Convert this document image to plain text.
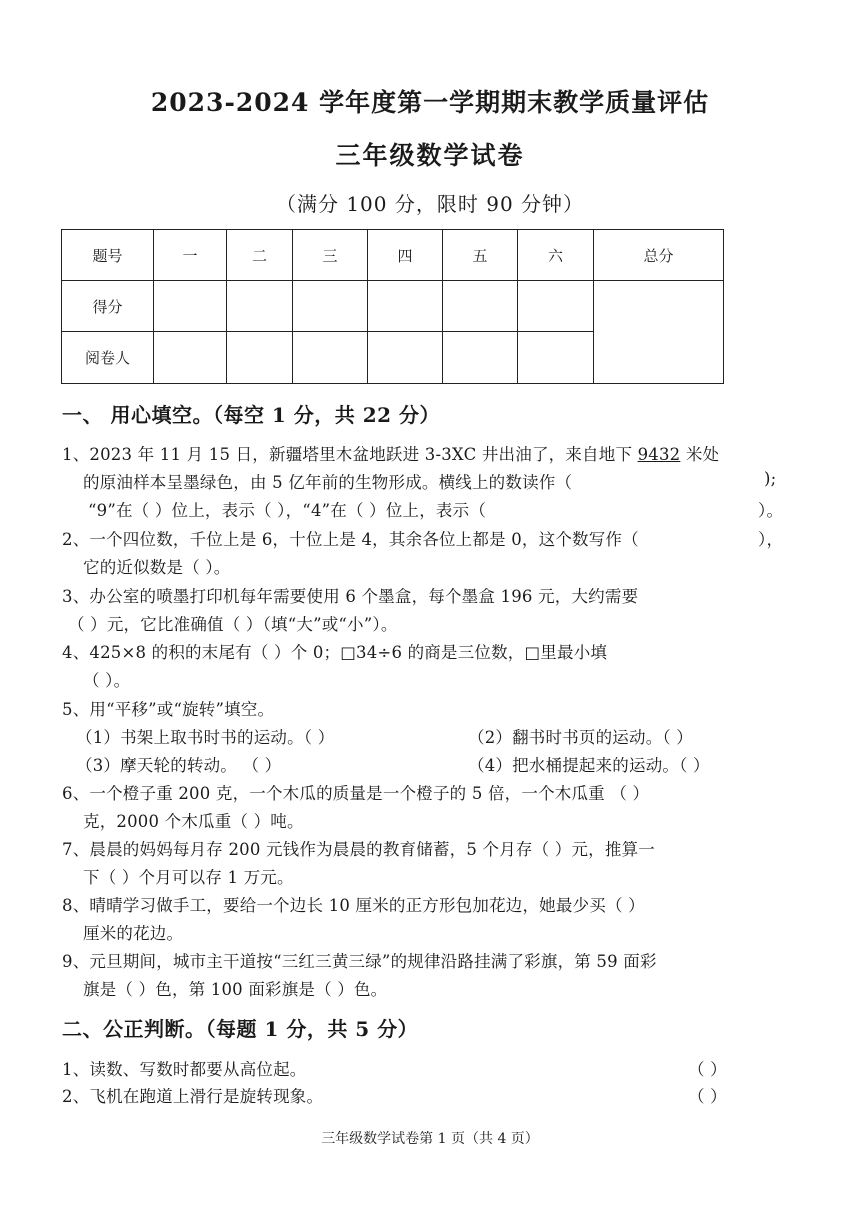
2023-2024 学年度第一学期期末教学质量评估
三年级数学试卷
（满分 100 分，限时 90 分钟）
题号	一	二	三	四	五	六	总分
得分							
阅卷人							
一、 用心填空。（每空 1 分，共 22 分）
1、2023 年 11 月 15 日，新疆塔里木盆地跃进 3-3XC 井出油了，来自地下 9432 米处
的原油样本呈墨绿色，由 5 亿年前的生物形成。横线上的数读作（	);
“9”在（ ）位上，表示（ ），“4”在（ ）位上，表示（	）。
2、一个四位数，千位上是 6，十位上是 4，其余各位上都是 0，这个数写作（	），
它的近似数是（ ）。
3、办公室的喷墨打印机每年需要使用 6 个墨盒，每个墨盒 196 元，大约需要
（ ）元，它比准确值（ ）（填“大”或“小”）。
4、425×8 的积的末尾有（ ）个 0；□34÷6 的商是三位数，□里最小填
（ ）。
5、用“平移”或“旋转”填空。
（1）书架上取书时书的运动。（ ）	（2）翻书时书页的运动。（ ）
（3）摩天轮的转动。 （ ）	（4）把水桶提起来的运动。（ ）
6、一个橙子重 200 克，一个木瓜的质量是一个橙子的 5 倍，一个木瓜重 （ ）
克，2000 个木瓜重（ ）吨。
7、晨晨的妈妈每月存 200 元钱作为晨晨的教育储蓄，5 个月存（ ）元，推算一
下（ ）个月可以存 1 万元。
8、晴晴学习做手工，要给一个边长 10 厘米的正方形包加花边，她最少买（ ）
厘米的花边。
9、元旦期间，城市主干道按“三红三黄三绿”的规律沿路挂满了彩旗，第 59 面彩
旗是（ ）色，第 100 面彩旗是（ ）色。
二、公正判断。（每题 1 分，共 5 分）
1、读数、写数时都要从高位起。	（ ）
2、飞机在跑道上滑行是旋转现象。	（ ）
三年级数学试卷第 1 页（共 4 页）
